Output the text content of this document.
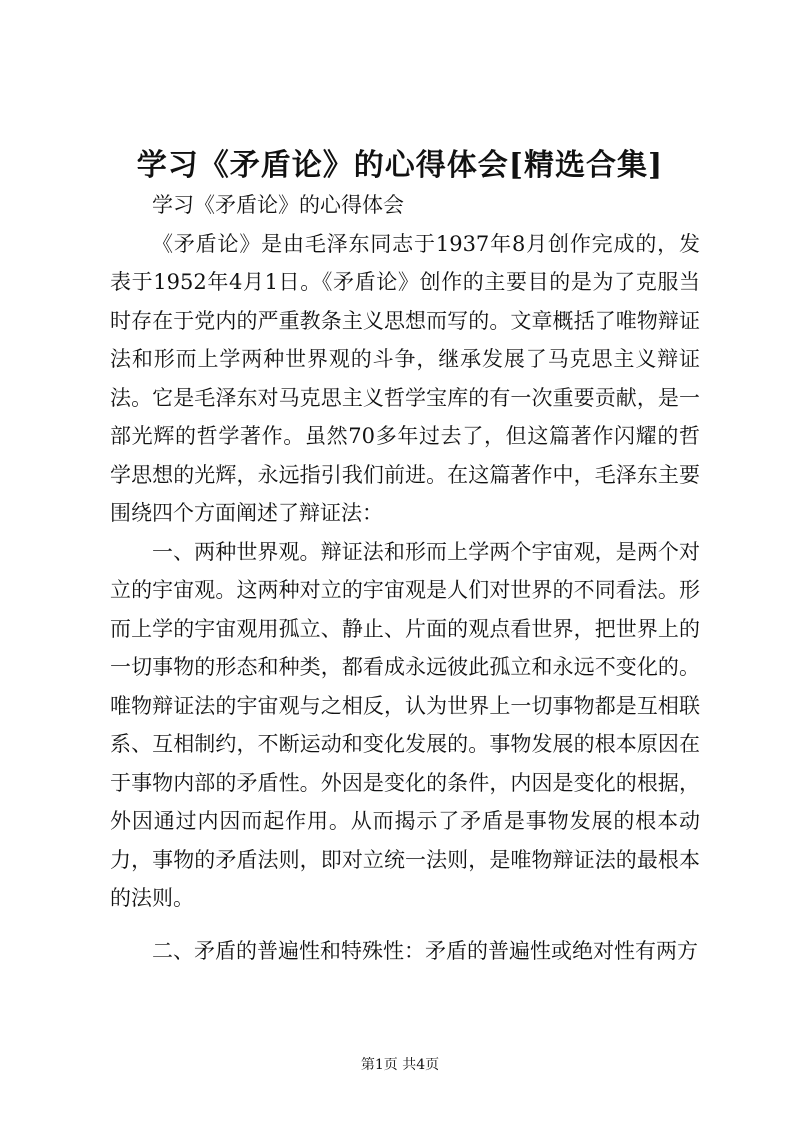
学习《矛盾论》的心得体会[精选合集]

学习《矛盾论》的心得体会

《矛盾论》是由毛泽东同志于1937年8月创作完成的，发表于1952年4月1日。《矛盾论》创作的主要目的是为了克服当时存在于党内的严重教条主义思想而写的。文章概括了唯物辩证法和形而上学两种世界观的斗争，继承发展了马克思主义辩证法。它是毛泽东对马克思主义哲学宝库的有一次重要贡献，是一部光辉的哲学著作。虽然70多年过去了，但这篇著作闪耀的哲学思想的光辉，永远指引我们前进。在这篇著作中，毛泽东主要围绕四个方面阐述了辩证法：

一、两种世界观。辩证法和形而上学两个宇宙观，是两个对立的宇宙观。这两种对立的宇宙观是人们对世界的不同看法。形而上学的宇宙观用孤立、静止、片面的观点看世界，把世界上的一切事物的形态和种类，都看成永远彼此孤立和永远不变化的。唯物辩证法的宇宙观与之相反，认为世界上一切事物都是互相联系、互相制约，不断运动和变化发展的。事物发展的根本原因在于事物内部的矛盾性。外因是变化的条件，内因是变化的根据，外因通过内因而起作用。从而揭示了矛盾是事物发展的根本动力，事物的矛盾法则，即对立统一法则，是唯物辩证法的最根本的法则。

二、矛盾的普遍性和特殊性：矛盾的普遍性或绝对性有两方

第1页 共4页
